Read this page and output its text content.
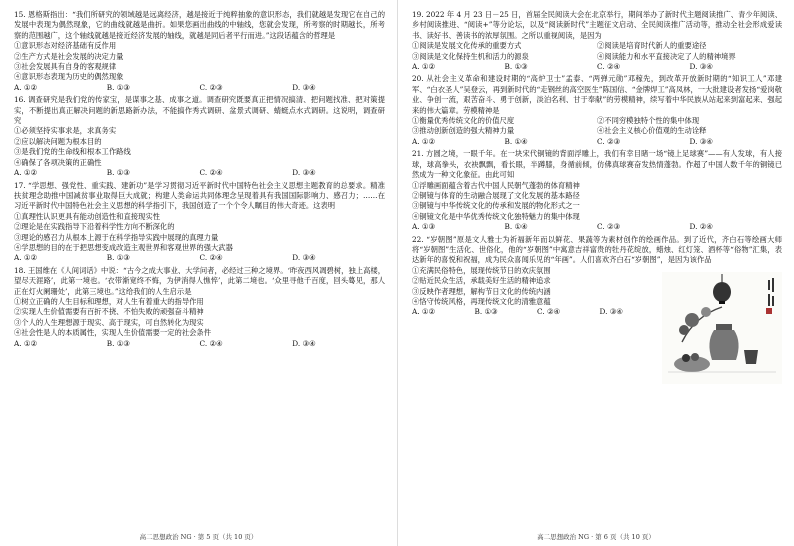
15. 恩格斯指出：“我们所研究的领域越是远离经济，越是接近于纯粹抽象的意识形态，我们就越是发现它在自己的发展中表现为偶然现象，它的曲线就越是曲折。如果您画出曲线的中轴线，您就会发现，所考察的时期越长，所考察的范围越广，这个轴线就越是接近经济发展的轴线，就越是同后者平行而进。”这段话蕴含的哲理是

①意识形态对经济基础有反作用

②生产方式是社会发展的决定力量

③社会发展具有自身的客观规律

④意识形态表现为历史的偶然现象

A. ①②	B. ①③	C. ②③	D. ③④

16. 调查研究是我们党的传家宝，是谋事之基、成事之道。调查研究既要真正把情况搞清、把问题找准、把对策提实，不断提出真正解决问题的新思路新办法，不能搞作秀式调研、盆景式调研、蜻蜓点水式调研。这说明，调查研究

①必须坚持实事求是，求真务实

②应以解决问题为根本目的

③是我们党的生命线和根本工作路线

④确保了各项决策的正确性

A. ①②	B. ①③	C. ②④	D. ③④

17. “学思想、强党性、重实践、建新功”是学习贯彻习近平新时代中国特色社会主义思想主题教育的总要求。精准扶贫理念助推中国减贫事业取得巨大成就；构建人类命运共同体理念呈现着具有我国国际影响力、感召力；……在习近平新时代中国特色社会主义思想的科学指引下，我国创造了一个个令人瞩目的伟大奇迹。这表明

①真理性认识更具有能动创造性和直接现实性

②理论是在实践指导下沿着科学性方向不断深化的

③理论的感召力从根本上源于在科学指导实践中展现的真理力量

④学思想的目的在于把思想变成改造主观世界和客观世界的强大武器

A. ①②	B. ①③	C. ②④	D. ③④

18. 王国维在《人间词话》中说：“古今之成大事业、大学问者，必经过三种之境界。‘昨夜西风凋碧树，独上高楼，望尽天涯路’，此第一境也。‘衣带渐宽终不悔，为伊消得人憔悴’，此第二境也。‘众里寻他千百度，回头蓦见，那人正在灯火阑珊处’，此第三境也。”这给我们的人生启示是

①树立正确的人生目标和理想，对人生有着重大的指导作用

②实现人生价值需要有百折不挠、不怕失败的顽强奋斗精神

③个人的人生理想源于现实、高于现实，可自然转化为现实

④社会性是人的本质属性，实现人生价值需要一定的社会条件

A. ①②	B. ①③	C. ②④	D. ③④
高二思想政治 NG · 第 5 页（共 10 页）

19. 2022 年 4 月 23 日－25 日，首届全民阅读大会在北京举行，期间举办了新时代主题阅读推广、青少年阅读、乡村阅读推进、“阅读+”等分论坛，以及“阅读新时代”主题征文启动、全民阅读推广活动等，推动全社会形成爱读书、读好书、善读书的浓厚氛围。之所以重视阅读，是因为

①阅读是发展文化传承的重要方式	②阅读是培育时代新人的重要途径
③阅读是文化保持生机和活力的源泉	④阅读能力和水平直接决定了人的精神境界
A. ①②	B. ①③	C. ②④	D. ③④

20. 从社会主义革命和建设时期的“高炉卫士”孟泰、“两弹元勋”邓稼先，到改革开放新时期的“知识工人”邓建军、“白衣圣人”吴登云，再到新时代的“走钢丝的高空医生”陈国信、“金牌焊工”高凤林，一大批建设者发扬“爱岗敬业、争创一流，艰苦奋斗、勇于创新，淡泊名利、甘于奉献”的劳模精神，续写着中华民族从站起来到富起来、强起来的伟大篇章。劳模精神是

①衡量优秀传统文化的价值尺度	②不同穷模独特个性的集中体现
③推动创新创造的强大精神力量	④社会主义核心价值观的生动诠释
A. ①②	B. ①④	C. ②③	D. ③④

21. 方圆之境，一眼千年。在一块宋代铜镜的背面浮雕上，我们有幸目睹一场“镜上足球赛”——有人发球，有人接球，球高拳头，衣袂飘飘，看长眼，半蹲膝，身循前倾，仿佛真球赛奋发热情蓬勃。作超了中国人数千年的铜镜已然成为一种文化象征。由此可知

①浮雕画面蕴含着古代中国人民朝气蓬勃的体育精神

②铜镜与体育的生动融合展现了文化发展的基本路径

③铜镜与中华传统文化的传承和发展的物化形式之一

④铜镜文化是中华优秀传统文化独特魅力的集中体现

A. ①③	B. ①④	C. ②③	D. ②④

22. “岁朝图”原是文人雅士为祈福新年而以鲜花、果蔬等为素材创作的绘画作品。到了近代，齐白石等绘画大师将“岁朝图”生活化、世俗化，他的“岁朝图”中寓意吉祥富贵的牡丹花绽放，蜡烛、红灯笼、酒杯等“俗物”汇集，表达新年的喜悦和祝福，成为民众喜闻乐见的“年画”。人们喜欢齐白石“岁朝图”，是因为该作品

①充满民俗特色，展现传统节日的欢庆氛围

②贴近民众生活，承载美好生活的精神追求

③反映作者理想，解构节日文化的传统内涵

④恪守传统风格，再现传统文化的清雅意蕴

A. ①②	B. ①③	C. ②④	D. ③④
高二思想政治 NG · 第 6 页（共 10 页）
